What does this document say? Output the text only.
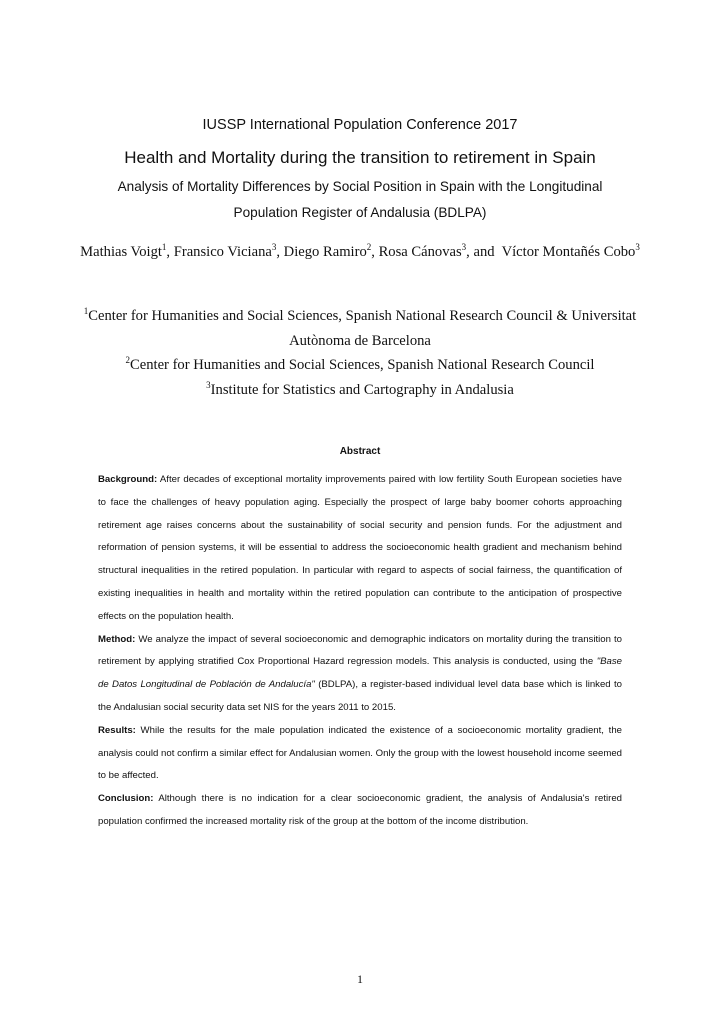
IUSSP International Population Conference 2017
Health and Mortality during the transition to retirement in Spain
Analysis of Mortality Differences by Social Position in Spain with the Longitudinal Population Register of Andalusia (BDLPA)
Mathias Voigt$^1$, Fransico Viciana$^3$, Diego Ramiro$^2$, Rosa Cánovas$^3$, and  Víctor Montañés Cobo$^3$
$^1$Center for Humanities and Social Sciences, Spanish National Research Council & Universitat Autònoma de Barcelona
$^2$Center for Humanities and Social Sciences, Spanish National Research Council
$^3$Institute for Statistics and Cartography in Andalusia
Abstract

Background: After decades of exceptional mortality improvements paired with low fertility South European societies have to face the challenges of heavy population aging. Especially the prospect of large baby boomer cohorts approaching retirement age raises concerns about the sustainability of social security and pension funds. For the adjustment and reformation of pension systems, it will be essential to address the socioeconomic health gradient and mechanism behind structural inequalities in the retired population. In particular with regard to aspects of social fairness, the quantification of existing inequalities in health and mortality within the retired population can contribute to the anticipation of prospective effects on the population health.

Method: We analyze the impact of several socioeconomic and demographic indicators on mortality during the transition to retirement by applying stratified Cox Proportional Hazard regression models. This analysis is conducted, using the "Base de Datos Longitudinal de Población de Andalucía" (BDLPA), a register-based individual level data base which is linked to the Andalusian social security data set NIS for the years 2011 to 2015.

Results: While the results for the male population indicated the existence of a socioeconomic mortality gradient, the analysis could not confirm a similar effect for Andalusian women. Only the group with the lowest household income seemed to be affected.

Conclusion: Although there is no indication for a clear socioeconomic gradient, the analysis of Andalusia's retired population confirmed the increased mortality risk of the group at the bottom of the income distribution.

1
